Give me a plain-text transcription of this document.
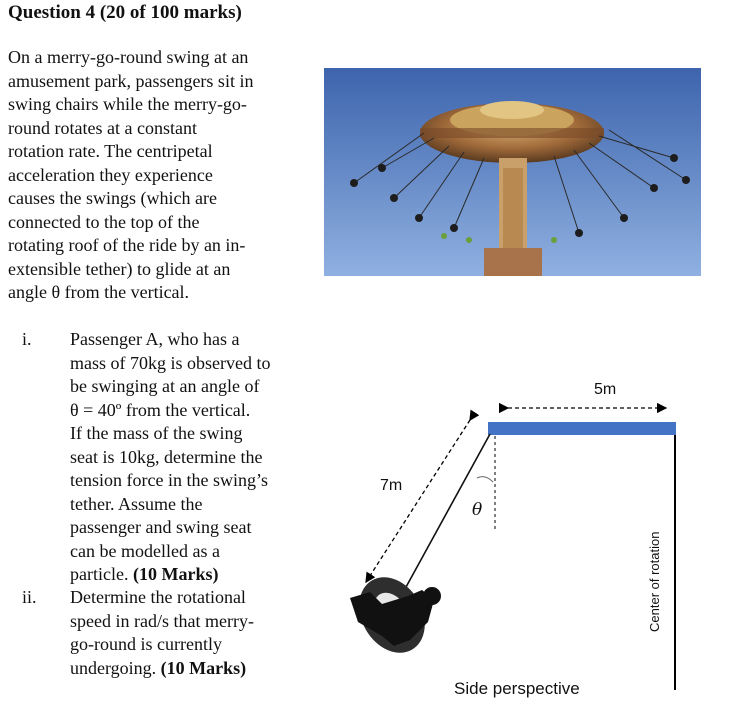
Question 4 (20 of 100 marks)
On a merry-go-round swing at an
amusement park, passengers sit in
swing chairs while the merry-go-
round rotates at a constant
rotation rate. The centripetal
acceleration they experience
causes the swings (which are
connected to the top of the
rotating roof of the ride by an in-
extensible tether) to glide at an
angle θ from the vertical.
i. Passenger A, who has a
mass of 70kg is observed to
be swinging at an angle of
θ = 40º from the vertical.
If the mass of the swing
seat is 10kg, determine the
tension force in the swing’s
tether. Assume the
passenger and swing seat
can be modelled as a
particle. (10 Marks)
ii. Determine the rotational
speed in rad/s that merry-
go-round is currently
undergoing. (10 Marks)
5m
7m
θ
Center of rotation
Side perspective
